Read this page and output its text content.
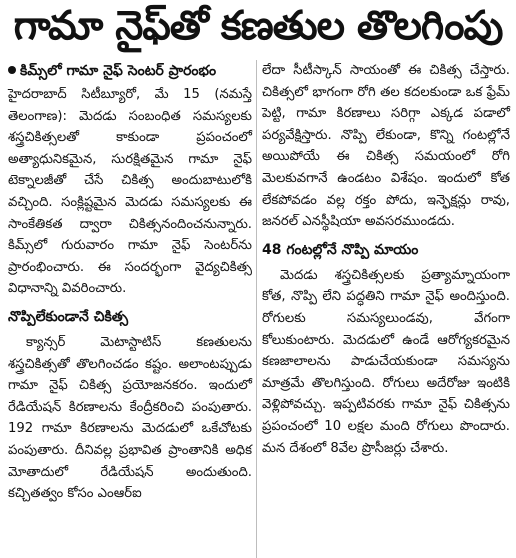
గామా నైఫ్‌తో కణతుల తొలగింపు
కిమ్స్‌లో గామా నైఫ్ సెంటర్ ప్రారంభం

హైదరాబాద్ సిటీబ్యూరో, మే 15 (నమస్తే తెలంగాణ): మెదడు సంబంధిత సమస్యలకు శస్త్రచికిత్సలతో కాకుండా ప్రపంచంలో అత్యాధునికమైన, సురక్షితమైన గామా నైఫ్ టెక్నాలజీతో చేసే చికిత్స అందుబాటులోకి వచ్చింది. సంక్లిష్టమైన మెదడు సమస్యలకు ఈ సాంకేతికత ద్వారా చికిత్సనందించనున్నారు. కిమ్స్‌లో గురువారం గామా నైఫ్ సెంటర్‌ను ప్రారంభించారు. ఈ సందర్భంగా వైద్యచికిత్స విధానాన్ని వివరించారు.

నొప్పిలేకుండానే చికిత్స

క్యాన్సర్ మెటాస్టాటిస్ కణతులను శస్త్రచికిత్సతో తొలగించడం కష్టం. అలాంటప్పుడు గామా నైఫ్ చికిత్స ప్రయోజనకరం. ఇందులో రేడియేషన్ కిరణాలను కేంద్రీకరించి పంపుతారు. 192 గామా కిరణాలను మెదడులో ఒకేచోటకు పంపుతారు. దీనివల్ల ప్రభావిత ప్రాంతానికి అధిక మోతాదులో రేడియేషన్ అందుతుంది. కచ్చితత్వం కోసం ఎంఆర్ఐ

లేదా సీటీస్కాన్ సాయంతో ఈ చికిత్స చేస్తారు. చికిత్సలో భాగంగా రోగి తల కదలకుండా ఒక ఫ్రేమ్ పెట్టి, గామా కిరణాలు సరిగ్గా ఎక్కడ పడాలో పర్యవేక్షిస్తారు. నొప్పి లేకుండా, కొన్ని గంటల్లోనే అయిపోయే ఈ చికిత్స సమయంలో రోగి మెలకువగానే ఉండటం విశేషం. ఇందులో కోత లేకపోవడం వల్ల రక్తం పోదు, ఇన్ఫెక్షన్లు రావు, జనరల్ ఎనస్థీషియా అవసరముండదు.

48 గంటల్లోనే నొప్పి మాయం

మెదడు శస్త్రచికిత్సలకు ప్రత్యామ్నాయంగా కోత, నొప్పి లేని పద్ధతిని గామా నైఫ్ అందిస్తుంది. రోగులకు సమస్యలుండవు, వేగంగా కోలుకుంటారు. మెదడులో ఉండే ఆరోగ్యకరమైన కణజాలాలను పాడుచేయకుండా సమస్యను మాత్రమే తొలగిస్తుంది. రోగులు అదేరోజు ఇంటికి వెళ్లిపోవచ్చు. ఇప్పటివరకు గామా నైఫ్ చికిత్సను ప్రపంచంలో 10 లక్షల మంది రోగులు పొందారు. మన దేశంలో 8వేల ప్రొసీజర్లు చేశారు.
